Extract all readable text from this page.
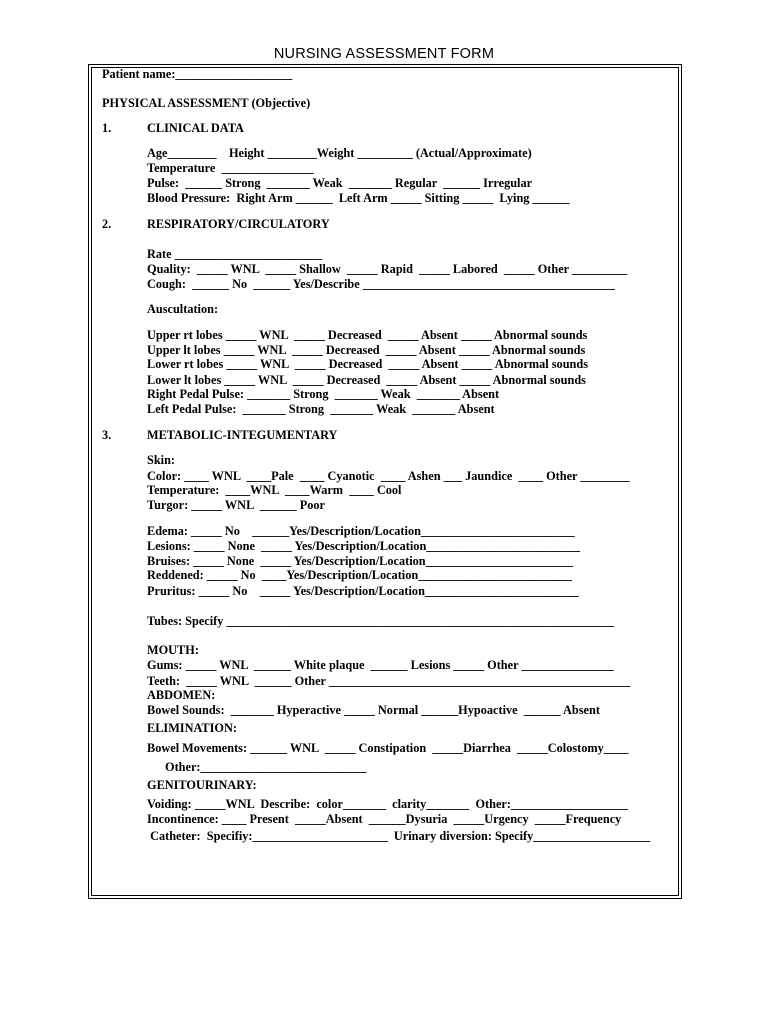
NURSING ASSESSMENT FORM
Patient name:___________________
PHYSICAL ASSESSMENT (Objective)
1.	CLINICAL DATA
Age________    Height ________Weight _________ (Actual/Approximate)
Temperature  _______________
Pulse:  ______ Strong  _______ Weak  _______ Regular  ______ Irregular
Blood Pressure:  Right Arm ______  Left Arm _____ Sitting _____  Lying ______
2.	RESPIRATORY/CIRCULATORY
Rate ________________________
Quality:  _____ WNL  _____ Shallow  _____ Rapid  _____ Labored  _____ Other _________
Cough:  ______ No  ______ Yes/Describe _________________________________________
Auscultation:
Upper rt lobes _____ WNL  _____ Decreased  _____ Absent _____ Abnormal sounds
Upper lt lobes _____ WNL  _____ Decreased  _____ Absent _____ Abnormal sounds
Lower rt lobes _____ WNL  _____ Decreased  _____ Absent _____ Abnormal sounds
Lower lt lobes _____ WNL  _____ Decreased  _____ Absent _____ Abnormal sounds
Right Pedal Pulse: _______ Strong  _______ Weak  _______ Absent
Left Pedal Pulse:  _______ Strong  _______ Weak  _______ Absent
3.	METABOLIC-INTEGUMENTARY
Skin:
Color: ____ WNL  ____Pale  ____ Cyanotic  ____ Ashen ___ Jaundice  ____ Other ________
Temperature:  ____WNL  ____Warm  ____ Cool
Turgor: _____ WNL  ______ Poor
Edema: _____ No    ______Yes/Description/Location_________________________
Lesions: _____ None  _____ Yes/Description/Location_________________________
Bruises: _____ None  _____ Yes/Description/Location________________________
Reddened: _____ No  ____Yes/Description/Location_________________________
Pruritus: _____ No    _____ Yes/Description/Location_________________________
Tubes: Specify _______________________________________________________________
MOUTH:
Gums: _____ WNL  ______ White plaque  ______ Lesions _____ Other _______________
Teeth:  _____ WNL  ______ Other _________________________________________________
ABDOMEN:
Bowel Sounds:  _______ Hyperactive _____ Normal ______Hypoactive  ______ Absent
ELIMINATION:
Bowel Movements: ______ WNL  _____ Constipation  _____Diarrhea  _____Colostomy____
Other:___________________________
GENITOURINARY:
Voiding: _____WNL  Describe:  color_______  clarity_______  Other:___________________
Incontinence: ____ Present  _____Absent  ______Dysuria  _____Urgency  _____Frequency
Catheter:  Specifiy:______________________  Urinary diversion: Specify___________________
